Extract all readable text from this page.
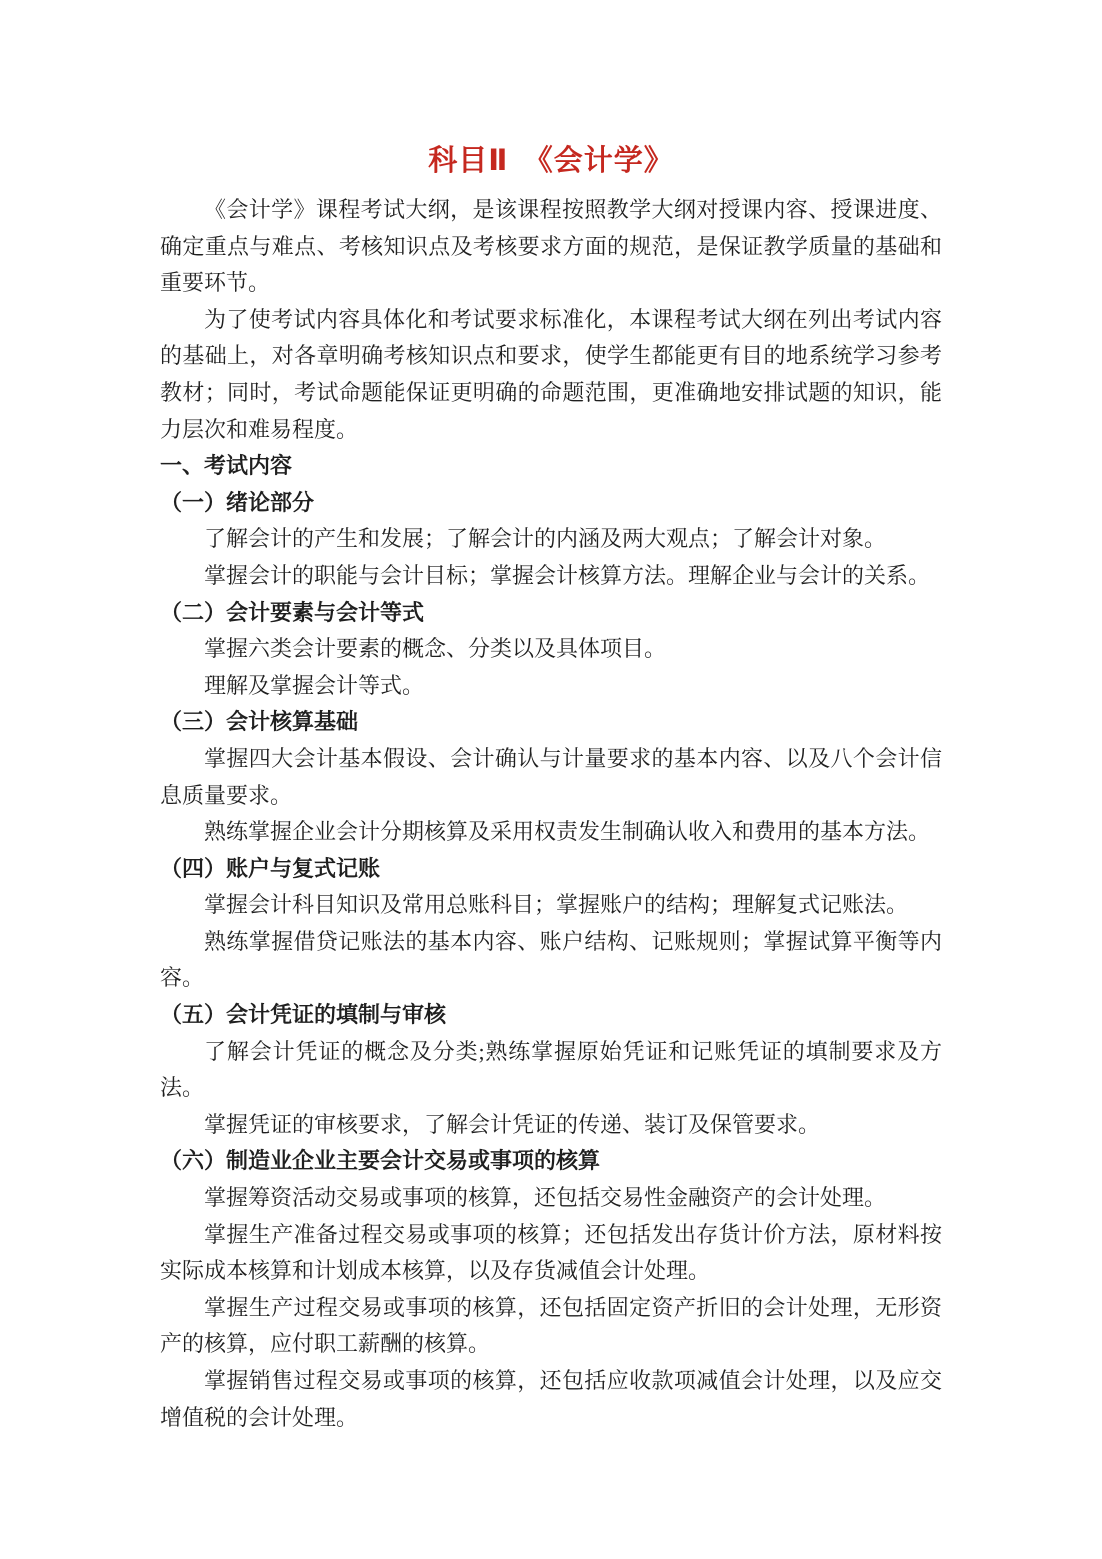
科目Ⅱ　《会计学》
《会计学》课程考试大纲，是该课程按照教学大纲对授课内容、授课进度、确定重点与难点、考核知识点及考核要求方面的规范，是保证教学质量的基础和重要环节。
为了使考试内容具体化和考试要求标准化，本课程考试大纲在列出考试内容的基础上，对各章明确考核知识点和要求，使学生都能更有目的地系统学习参考教材；同时，考试命题能保证更明确的命题范围，更准确地安排试题的知识，能力层次和难易程度。
一、考试内容
（一）绪论部分
了解会计的产生和发展；了解会计的内涵及两大观点；了解会计对象。
掌握会计的职能与会计目标；掌握会计核算方法。理解企业与会计的关系。
（二）会计要素与会计等式
掌握六类会计要素的概念、分类以及具体项目。
理解及掌握会计等式。
（三）会计核算基础
掌握四大会计基本假设、会计确认与计量要求的基本内容、以及八个会计信息质量要求。
熟练掌握企业会计分期核算及采用权责发生制确认收入和费用的基本方法。
（四）账户与复式记账
掌握会计科目知识及常用总账科目；掌握账户的结构；理解复式记账法。
熟练掌握借贷记账法的基本内容、账户结构、记账规则；掌握试算平衡等内容。
（五）会计凭证的填制与审核
了解会计凭证的概念及分类;熟练掌握原始凭证和记账凭证的填制要求及方法。
掌握凭证的审核要求，了解会计凭证的传递、装订及保管要求。
（六）制造业企业主要会计交易或事项的核算
掌握筹资活动交易或事项的核算，还包括交易性金融资产的会计处理。
掌握生产准备过程交易或事项的核算；还包括发出存货计价方法，原材料按实际成本核算和计划成本核算，以及存货减值会计处理。
掌握生产过程交易或事项的核算，还包括固定资产折旧的会计处理，无形资产的核算，应付职工薪酬的核算。
掌握销售过程交易或事项的核算，还包括应收款项减值会计处理，以及应交增值税的会计处理。
